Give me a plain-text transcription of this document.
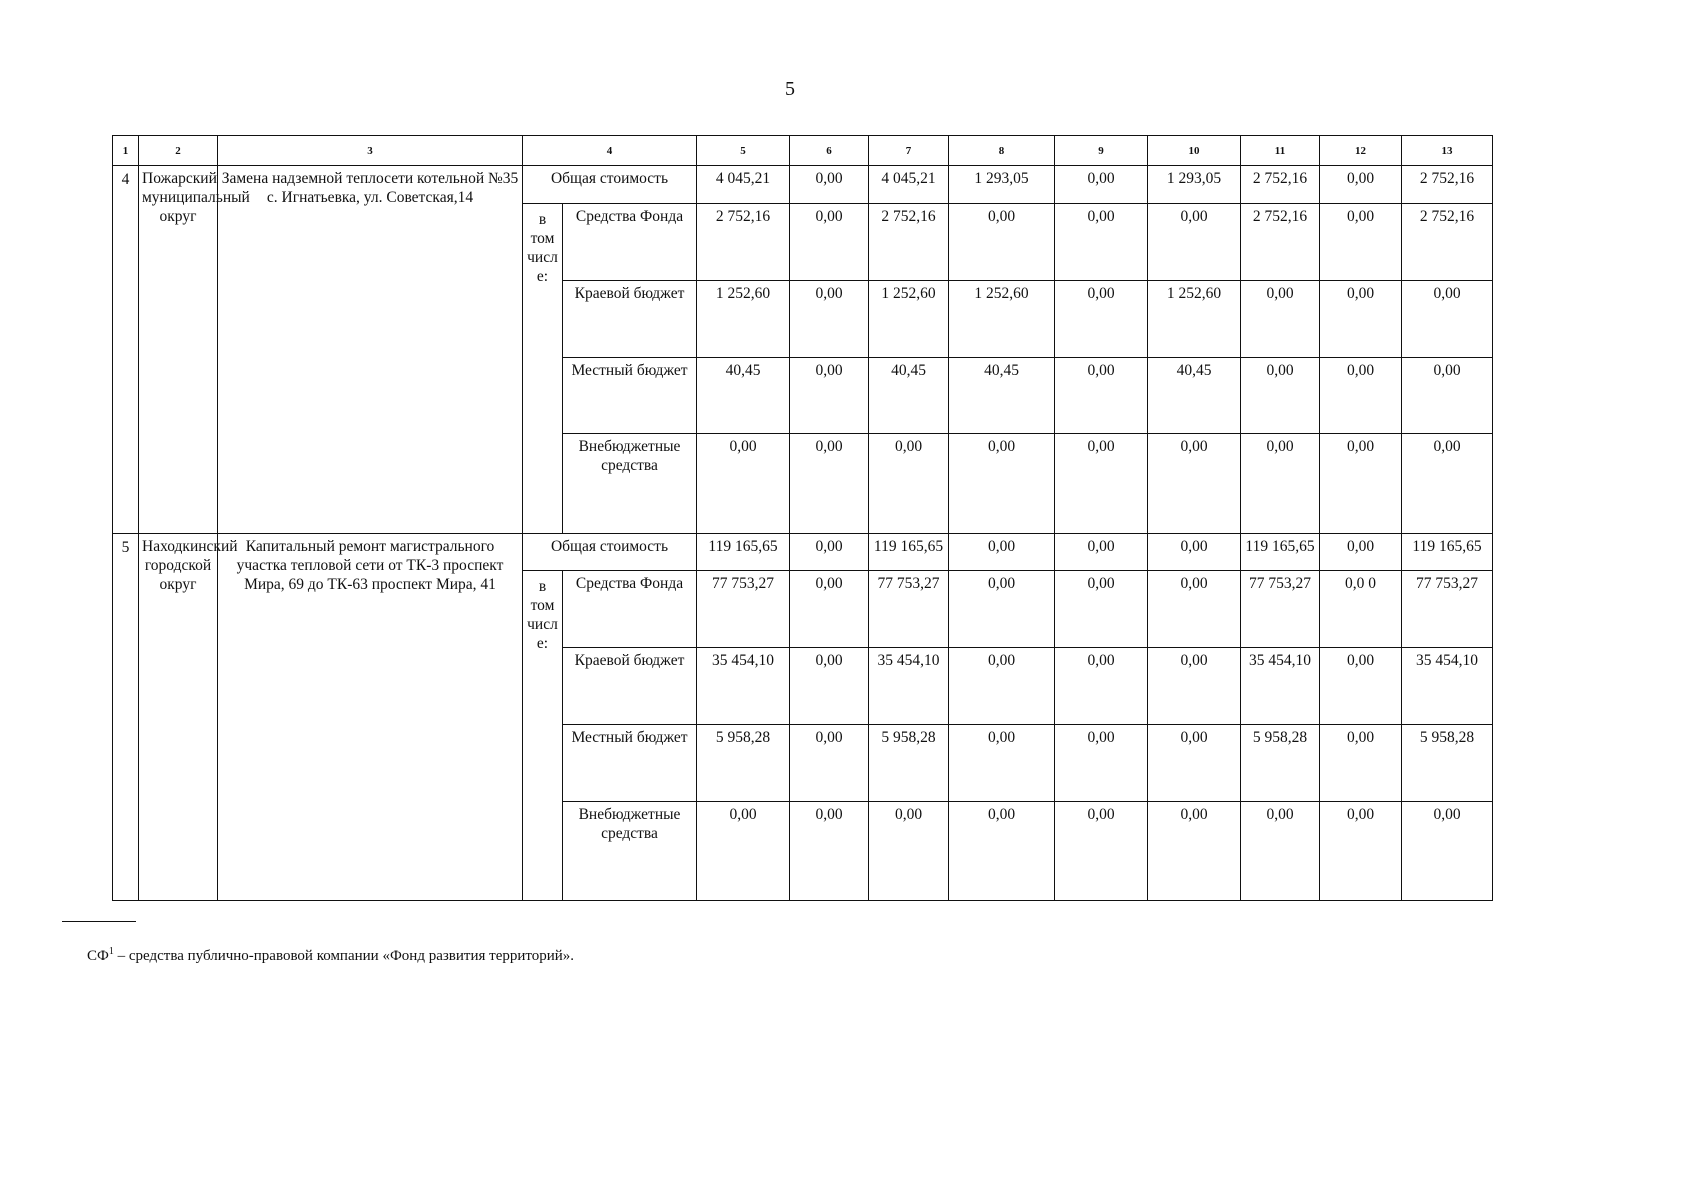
5
1	2	3	4		5	6	7	8	9	10	11	12	13
4	Пожарский муниципальный округ	Замена надземной теплосети котельной №35 с. Игнатьевка, ул. Советская,14	Общая стоимость		4 045,21	0,00	4 045,21	1 293,05	0,00	1 293,05	2 752,16	0,00	2 752,16
			в том числ е:	Средства Фонда	2 752,16	0,00	2 752,16	0,00	0,00	0,00	2 752,16	0,00	2 752,16
				Краевой бюджет	1 252,60	0,00	1 252,60	1 252,60	0,00	1 252,60	0,00	0,00	0,00
				Местный бюджет	40,45	0,00	40,45	40,45	0,00	40,45	0,00	0,00	0,00
				Внебюджетные средства	0,00	0,00	0,00	0,00	0,00	0,00	0,00	0,00	0,00
5	Находкинский городской округ	Капитальный ремонт магистрального участка тепловой сети от ТК-3 проспект Мира, 69 до ТК-63 проспект Мира, 41	Общая стоимость		119 165,65	0,00	119 165,65	0,00	0,00	0,00	119 165,65	0,00	119 165,65
			в том числ е:	Средства Фонда	77 753,27	0,00	77 753,27	0,00	0,00	0,00	77 753,27	0,0 0	77 753,27
				Краевой бюджет	35 454,10	0,00	35 454,10	0,00	0,00	0,00	35 454,10	0,00	35 454,10
				Местный бюджет	5 958,28	0,00	5 958,28	0,00	0,00	0,00	5 958,28	0,00	5 958,28
				Внебюджетные средства	0,00	0,00	0,00	0,00	0,00	0,00	0,00	0,00	0,00
$СФ^1$ – средства публично-правовой компании «Фонд развития территорий».
